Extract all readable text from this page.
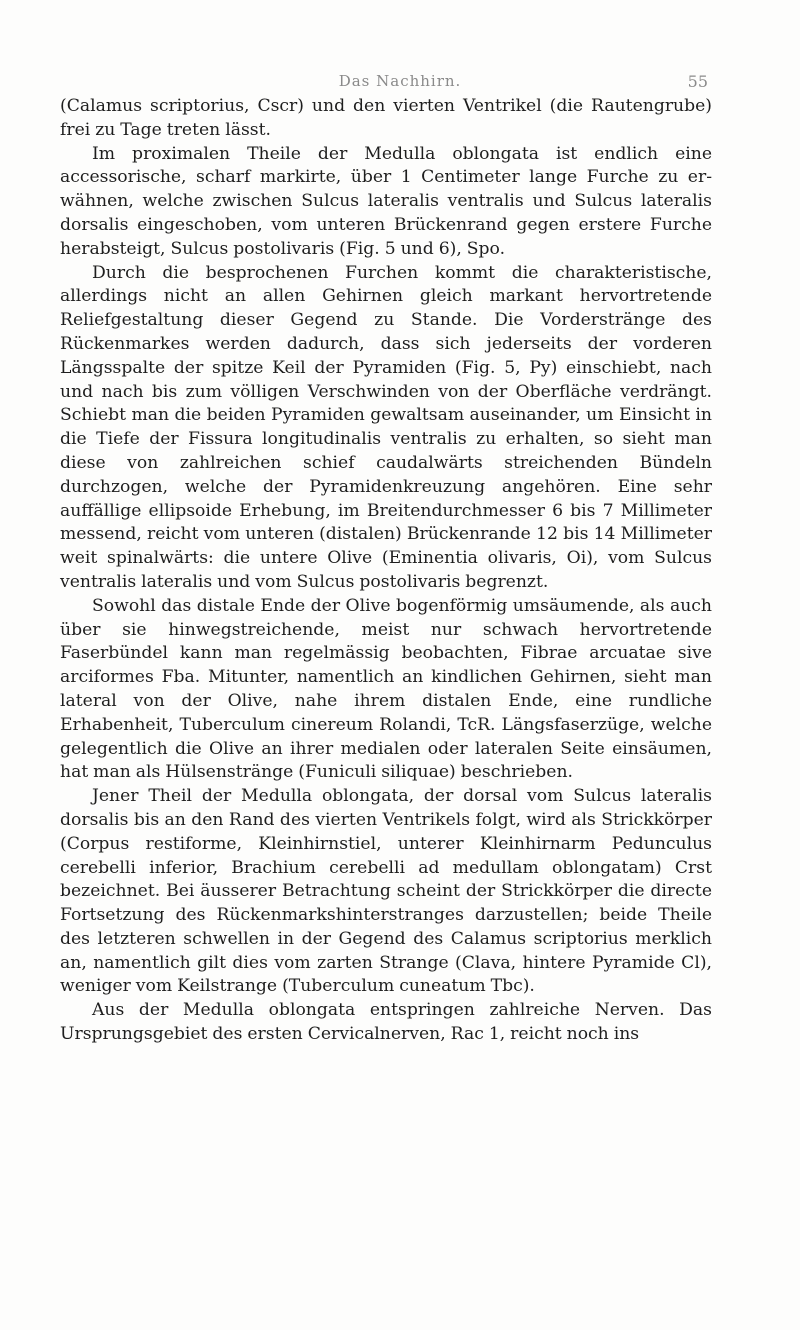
Das Nachhirn.	55

(Calamus scriptorius, Cscr) und den vierten Ventrikel (die Rautengrube) frei zu Tage treten lässt.

Im proximalen Theile der Medulla oblongata ist endlich eine accessorische, scharf markirte, über 1 Centimeter lange Furche zu erwähnen, welche zwischen Sulcus lateralis ventralis und Sulcus lateralis dorsalis eingeschoben, vom unteren Brückenrand gegen erstere Furche herabsteigt, Sulcus postolivaris (Fig. 5 und 6), Spo.

Durch die besprochenen Furchen kommt die charakteristische, allerdings nicht an allen Gehirnen gleich markant hervortretende Reliefgestaltung dieser Gegend zu Stande. Die Vorderstränge des Rückenmarkes werden dadurch, dass sich jederseits der vorderen Längsspalte der spitze Keil der Pyramiden (Fig. 5, Py) einschiebt, nach und nach bis zum völligen Verschwinden von der Oberfläche verdrängt. Schiebt man die beiden Pyramiden gewaltsam auseinander, um Einsicht in die Tiefe der Fissura longitudinalis ventralis zu erhalten, so sieht man diese von zahlreichen schief caudalwärts streichenden Bündeln durchzogen, welche der Pyramidenkreuzung angehören. Eine sehr auffällige ellipsoide Erhebung, im Breitendurchmesser 6 bis 7 Millimeter messend, reicht vom unteren (distalen) Brückenrande 12 bis 14 Millimeter weit spinalwärts: die untere Olive (Eminentia olivaris, Oi), vom Sulcus ventralis lateralis und vom Sulcus postolivaris begrenzt.

Sowohl das distale Ende der Olive bogenförmig umsäumende, als auch über sie hinwegstreichende, meist nur schwach hervortretende Faserbündel kann man regelmässig beobachten, Fibrae arcuatae sive arciformes Fba. Mitunter, namentlich an kindlichen Gehirnen, sieht man lateral von der Olive, nahe ihrem distalen Ende, eine rundliche Erhabenheit, Tuberculum cinereum Rolandi, TcR. Längsfaserzüge, welche gelegentlich die Olive an ihrer medialen oder lateralen Seite einsäumen, hat man als Hülsenstränge (Funiculi siliquae) beschrieben.

Jener Theil der Medulla oblongata, der dorsal vom Sulcus lateralis dorsalis bis an den Rand des vierten Ventrikels folgt, wird als Strickkörper (Corpus restiforme, Kleinhirnstiel, unterer Kleinhirnarm Pedunculus cerebelli inferior, Brachium cerebelli ad medullam oblongatam) Crst bezeichnet. Bei äusserer Betrachtung scheint der Strickkörper die directe Fortsetzung des Rückenmarkshinterstranges darzustellen; beide Theile des letzteren schwellen in der Gegend des Calamus scriptorius merklich an, namentlich gilt dies vom zarten Strange (Clava, hintere Pyramide Cl), weniger vom Keilstrange (Tuberculum cuneatum Tbc).

Aus der Medulla oblongata entspringen zahlreiche Nerven. Das Ursprungsgebiet des ersten Cervicalnerven, Rac 1, reicht noch ins
